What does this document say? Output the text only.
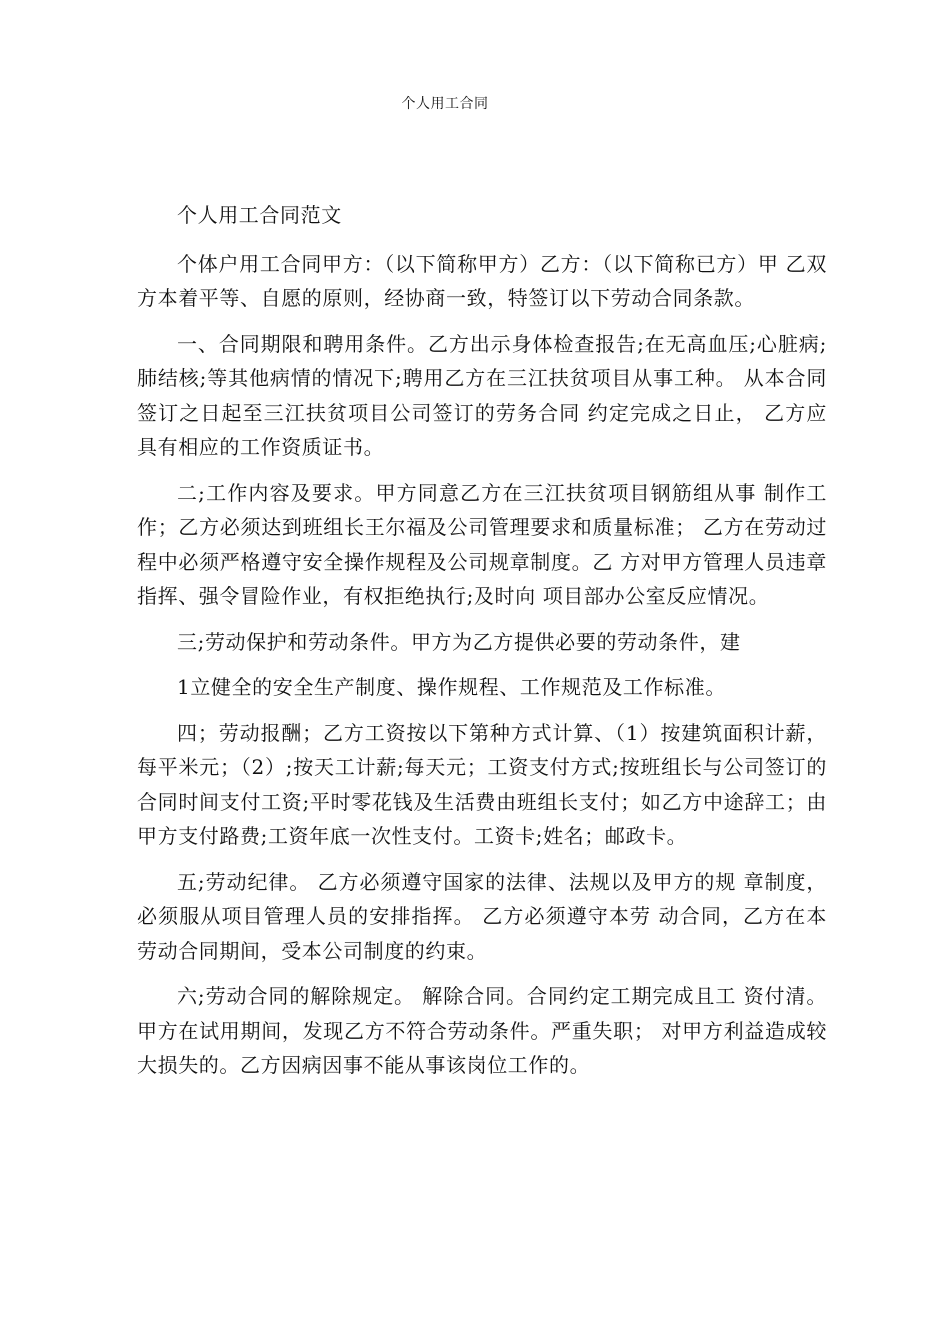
个人用工合同

个人用工合同范文

个体户用工合同甲方：（以下简称甲方）乙方：（以下简称已方）甲 乙双方本着平等、自愿的原则，经协商一致，特签订以下劳动合同条款。

一、合同期限和聘用条件。乙方出示身体检查报告;在无高血压;心脏病;肺结核;等其他病情的情况下;聘用乙方在三江扶贫项目从事工种。 从本合同签订之日起至三江扶贫项目公司签订的劳务合同 约定完成之日止， 乙方应具有相应的工作资质证书。

二;工作内容及要求。甲方同意乙方在三江扶贫项目钢筋组从事 制作工作；乙方必须达到班组长王尔福及公司管理要求和质量标准； 乙方在劳动过程中必须严格遵守安全操作规程及公司规章制度。乙 方对甲方管理人员违章指挥、强令冒险作业，有权拒绝执行;及时向 项目部办公室反应情况。

三;劳动保护和劳动条件。甲方为乙方提供必要的劳动条件，建

1立健全的安全生产制度、操作规程、工作规范及工作标准。

四；劳动报酬；乙方工资按以下第种方式计算、（1）按建筑面积计薪，每平米元；（2）;按天工计薪;每天元；工资支付方式;按班组长与公司签订的合同时间支付工资;平时零花钱及生活费由班组长支付；如乙方中途辞工；由甲方支付路费;工资年底一次性支付。工资卡;姓名；邮政卡。

五;劳动纪律。 乙方必须遵守国家的法律、法规以及甲方的规 章制度，必须服从项目管理人员的安排指挥。 乙方必须遵守本劳 动合同，乙方在本劳动合同期间，受本公司制度的约束。

六;劳动合同的解除规定。 解除合同。合同约定工期完成且工 资付清。 甲方在试用期间，发现乙方不符合劳动条件。严重失职； 对甲方利益造成较大损失的。乙方因病因事不能从事该岗位工作的。
